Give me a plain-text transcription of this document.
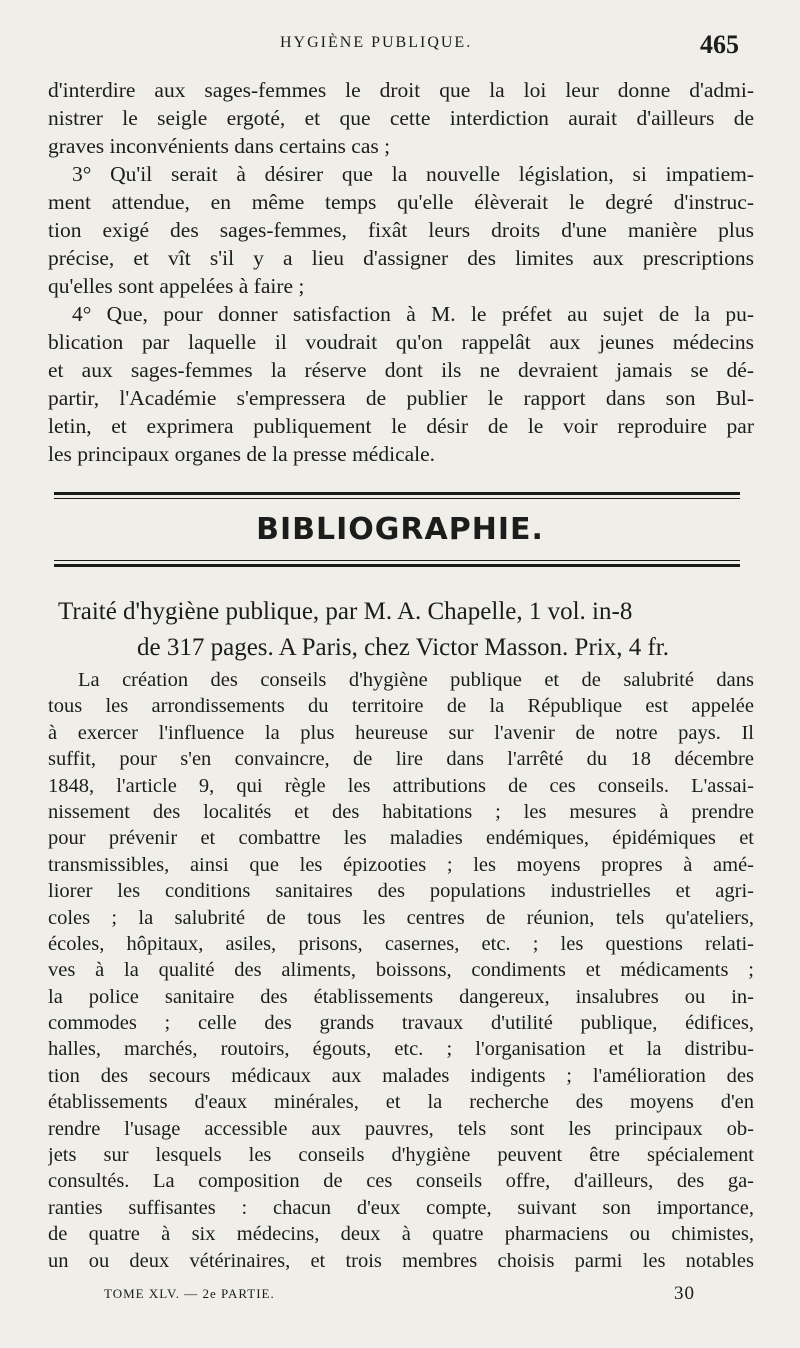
HYGIÈNE PUBLIQUE.	465
d'interdire aux sages-femmes le droit que la loi leur donne d'admi-
nistrer le seigle ergoté, et que cette interdiction aurait d'ailleurs de
graves inconvénients dans certains cas ;
3° Qu'il serait à désirer que la nouvelle législation, si impatiem-
ment attendue, en même temps qu'elle élèverait le degré d'instruc-
tion exigé des sages-femmes, fixât leurs droits d'une manière plus
précise, et vît s'il y a lieu d'assigner des limites aux prescriptions
qu'elles sont appelées à faire ;
4° Que, pour donner satisfaction à M. le préfet au sujet de la pu-
blication par laquelle il voudrait qu'on rappelât aux jeunes médecins
et aux sages-femmes la réserve dont ils ne devraient jamais se dé-
partir, l'Académie s'empressera de publier le rapport dans son Bul-
letin, et exprimera publiquement le désir de le voir reproduire par
les principaux organes de la presse médicale.
BIBLIOGRAPHIE.
Traité d'hygiène publique, par M. A. Chapelle, 1 vol. in-8
de 317 pages. A Paris, chez Victor Masson. Prix, 4 fr.
La création des conseils d'hygiène publique et de salubrité dans
tous les arrondissements du territoire de la République est appelée
à exercer l'influence la plus heureuse sur l'avenir de notre pays. Il
suffit, pour s'en convaincre, de lire dans l'arrêté du 18 décembre
1848, l'article 9, qui règle les attributions de ces conseils. L'assai-
nissement des localités et des habitations ; les mesures à prendre
pour prévenir et combattre les maladies endémiques, épidémiques et
transmissibles, ainsi que les épizooties ; les moyens propres à amé-
liorer les conditions sanitaires des populations industrielles et agri-
coles ; la salubrité de tous les centres de réunion, tels qu'ateliers,
écoles, hôpitaux, asiles, prisons, casernes, etc. ; les questions relati-
ves à la qualité des aliments, boissons, condiments et médicaments ;
la police sanitaire des établissements dangereux, insalubres ou in-
commodes ; celle des grands travaux d'utilité publique, édifices,
halles, marchés, routoirs, égouts, etc. ; l'organisation et la distribu-
tion des secours médicaux aux malades indigents ; l'amélioration des
établissements d'eaux minérales, et la recherche des moyens d'en
rendre l'usage accessible aux pauvres, tels sont les principaux ob-
jets sur lesquels les conseils d'hygiène peuvent être spécialement
consultés. La composition de ces conseils offre, d'ailleurs, des ga-
ranties suffisantes : chacun d'eux compte, suivant son importance,
de quatre à six médecins, deux à quatre pharmaciens ou chimistes,
un ou deux vétérinaires, et trois membres choisis parmi les notables
TOME XLV. — 2e PARTIE.	30
